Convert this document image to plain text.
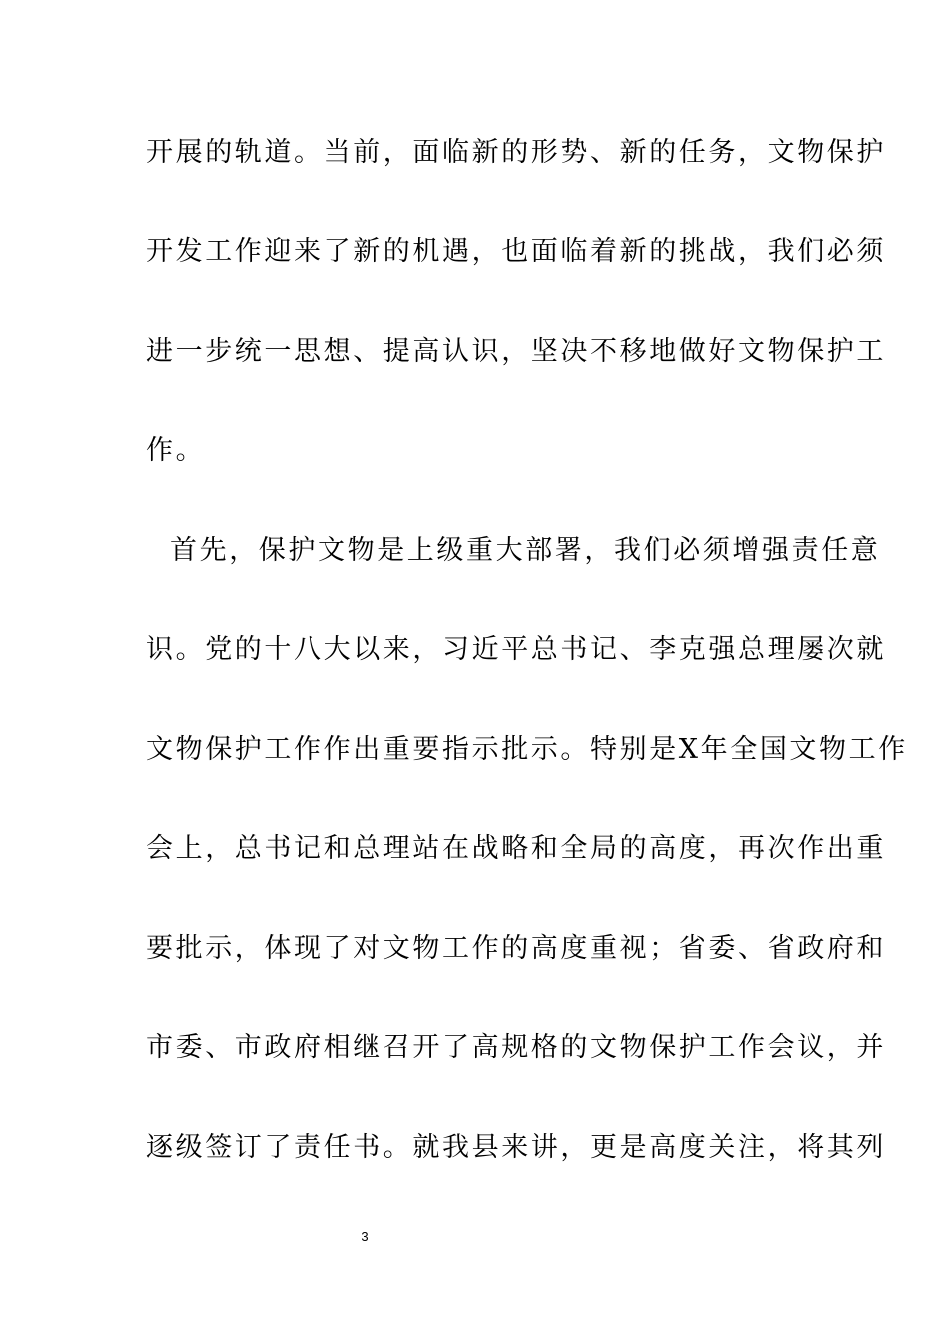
开展的轨道。当前，面临新的形势、新的任务，文物保护
开发工作迎来了新的机遇，也面临着新的挑战，我们必须
进一步统一思想、提高认识，坚决不移地做好文物保护工
作。
首先，保护文物是上级重大部署，我们必须增强责任意
识。党的十八大以来，习近平总书记、李克强总理屡次就
文物保护工作作出重要指示批示。特别是X年全国文物工作
会上，总书记和总理站在战略和全局的高度，再次作出重
要批示，体现了对文物工作的高度重视；省委、省政府和
市委、市政府相继召开了高规格的文物保护工作会议，并
逐级签订了责任书。就我县来讲，更是高度关注，将其列
3
